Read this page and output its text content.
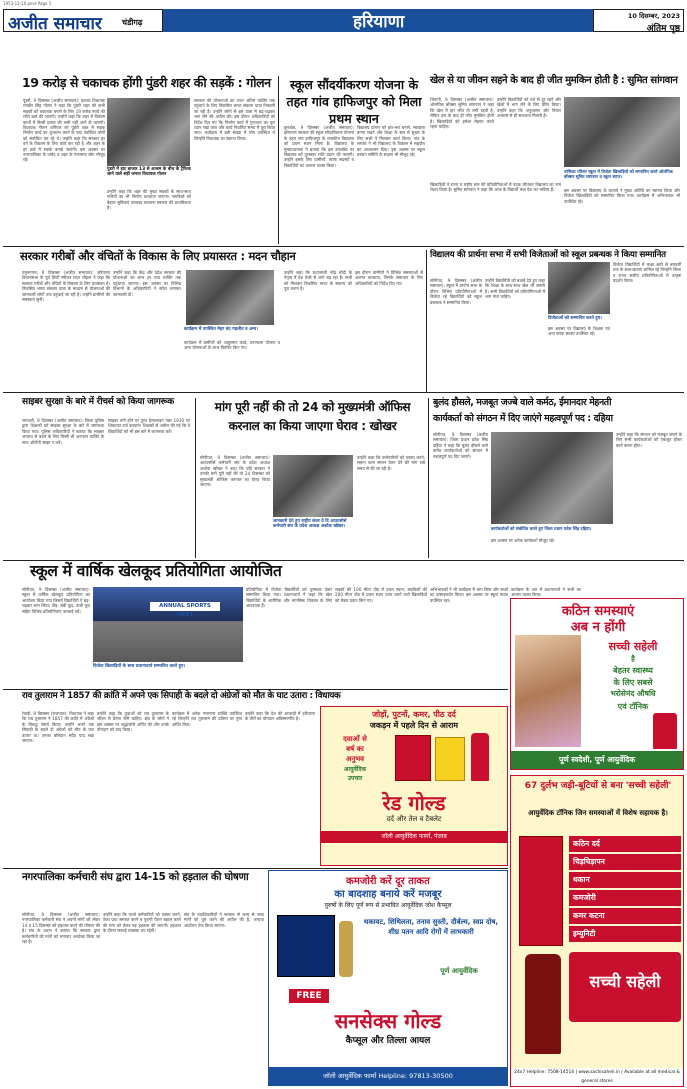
1953-12-10.pmd Page 1
अजीत समाचार	चंडीगढ़	हरियाणा	10 दिसम्बर, 2023
अंतिम पृष्ठ
19 करोड़ से चकाचक होंगी पुंडरी शहर की सड़कें : गोलन
पूंडरी, 9 दिसम्बर (अजीत समाचार): हलका विधायक रणधीर सिंह गोलन ने कहा कि पुंडरी शहर की सभी सड़कों को चकाचक बनाने के लिए 19 करोड़ रुपये की राशि खर्च की जाएगी। उन्होंने कहा कि शहर में विकास कार्यों में किसी प्रकार की कमी नहीं आने दी जाएगी। विधायक गोलन शनिवार को पुंडरी शहर में सड़क निर्माण कार्य का शुभारंभ करने के बाद उपस्थित लोगों को संबोधित कर रहे थे। उन्होंने कहा कि सरकार हर वर्ग के विकास के लिए कार्य कर रही है और शहर के हर वार्ड में सड़कें बनाई जाएंगी। इस अवसर पर नगरपालिका के पार्षद व शहर के गणमान्य लोग मौजूद रहे।
पुंडरी में हाट बाजार 13 से आश्रम के बीच के ट्रैफिक जाने वाले सड़ी जनता विधायक गोलन
उन्होंने कहा कि शहर की मुख्य सड़कों के साथ-साथ गलियों का भी निर्माण करवाया जाएगा। नागरिकों को बेहतर सुविधाएं उपलब्ध करवाना सरकार की प्राथमिकता है।
सरकार की योजनाओं का लाभ अंतिम व्यक्ति तक पहुंचाने के लिए विकसित भारत संकल्प यात्रा निकाली जा रही है। उन्होंने लोगों से इस यात्रा में बढ़-चढ़कर भाग लेने की अपील की। इस दौरान अधिकारियों को निर्देश दिए गए कि निर्माण कार्य में गुणवत्ता का पूरा ध्यान रखा जाए और कार्य निर्धारित समय में पूरा किया जाए। कार्यक्रम में बड़ी संख्या में लोग उपस्थित थे जिन्होंने विधायक का स्वागत किया।
स्कूल सौंदर्यीकरण योजना के तहत गांव हाफिजपुर को मिला प्रथम स्थान
कुरुक्षेत्र, 9 दिसम्बर (अजीत समाचार): हरियाणा सरकार की स्कूल सौंदर्यीकरण योजना के तहत गांव हाफिजपुर के राजकीय विद्यालय को प्रथम स्थान मिला है। विद्यालय के मुख्याध्यापक ने बताया कि इस उपलब्धि पर विद्यालय को पुरस्कार राशि प्रदान की जाएगी। उन्होंने इसके लिए ग्रामीणों, स्टाफ सदस्यों व विद्यार्थियों का आभार व्यक्त किया।
विद्यालय प्रांगण को हरा-भरा बनाने, स्वच्छता बनाए रखने और शिक्षा के स्तर में सुधार के लिए सभी ने मिलकर कार्य किया। गांव के सरपंच ने भी विद्यालय के विकास में सहयोग का आश्वासन दिया। इस अवसर पर स्कूल प्रबंधन समिति के सदस्य भी मौजूद रहे।
खेल से या जीवन सहने के बाद ही जीत मुमकिन होती है : सुमित सांगवान
भिवानी, 9 दिसम्बर (अजीत समाचार): ओलंपिक बॉक्सर सुमित सांगवान ने कहा कि खेल में हार जीत तो लगी रहती है, लेकिन हार के बाद ही जीत मुमकिन होती है। खिलाड़ियों को हमेशा मेहनत करते रहना चाहिए।
उन्होंने विद्यार्थियों को नशे से दूर रहने और खेलों में भाग लेने के लिए प्रेरित किया। उन्होंने कहा कि अनुशासन और निरंतर अभ्यास से ही सफलता मिलती है।
नासिका परिसर स्कूल में विजेता खिलाड़ियों को सम्मानित करते ओलंपिक बॉक्सर सुमित सांगवान व स्कूल स्टाफ।
इस अवसर पर विद्यालय के प्राचार्य ने मुख्य अतिथि का स्वागत किया और विजेता खिलाड़ियों को सम्मानित किया गया। कार्यक्रम में अभिभावक भी उपस्थित रहे।
खिलाड़ियों ने राज्य व राष्ट्रीय स्तर की प्रतियोगिताओं में पदक जीतकर विद्यालय का नाम रोशन किया है। सुमित सांगवान ने कहा कि आज के विद्यार्थी कल देश का भविष्य हैं।
सरकार गरीबों और वंचितों के विकास के लिए प्रयासरत : मदन चौहान
यमुनानगर, 9 दिसम्बर (अजीत समाचार): हरियाणा विधानसभा के पूर्व डिप्टी स्पीकर मदन चौहान ने कहा कि सरकार गरीबों और वंचितों के विकास के लिए प्रयासरत है। विकसित भारत संकल्प यात्रा के माध्यम से योजनाओं की जानकारी लोगों तक पहुंचाई जा रही है। उन्होंने ग्रामीणों की समस्याएं सुनीं।
कार्यक्रम में उपस्थित मेहर चंद गहलौत व अन्य।
उन्होंने कहा कि केंद्र और प्रदेश सरकार की योजनाओं का लाभ हर पात्र व्यक्ति तक पहुंचाया जाएगा। इस अवसर पर विभिन्न विभागों के अधिकारियों ने स्टॉल लगाकर जानकारी दी।
कार्यक्रम में ग्रामीणों को आयुष्मान कार्ड, उज्ज्वला योजना व अन्य योजनाओं के लाभ वितरित किए गए।
उन्होंने कहा कि प्रधानमंत्री नरेंद्र मोदी के नेतृत्व में देश तेजी से आगे बढ़ रहा है। सभी को मिलकर विकसित भारत के संकल्प को पूरा करना है।
इस दौरान ग्रामीणों ने विभिन्न समस्याओं से अवगत करवाया, जिनके समाधान के लिए अधिकारियों को निर्देश दिए गए।
विद्यालय की प्रार्थना सभा में सभी विजेताओं को स्कूल प्रबन्धक ने किया सम्मानित
सोनीपत, 9 दिसम्बर (अजीत समाचार): स्कूल में प्रार्थना सभा के दौरान विभिन्न प्रतियोगिताओं में विजेता रहे विद्यार्थियों को स्कूल प्रबन्धक ने सम्मानित किया।
उन्होंने विद्यार्थियों को बधाई देते हुए कहा कि शिक्षा के साथ-साथ खेल भी जरूरी है। सभी विद्यार्थियों को प्रतियोगिताओं में भाग लेना चाहिए।
विजेताओं को सम्मानित करते हुए।
इस अवसर पर विद्यालय के शिक्षक एवं अन्य स्टाफ सदस्य उपस्थित रहे।
विजेता विद्यार्थियों में कक्षा छठी से बारहवीं तक के छात्र-छात्राएं शामिल रहे जिन्होंने जिला व राज्य स्तरीय प्रतियोगिताओं में उत्कृष्ट प्रदर्शन किया।
साइबर सुरक्षा के बारे में रीचर्स को किया जागरूक
जगाधरी, 9 दिसम्बर (अजीत समाचार): जिला पुलिस द्वारा शिक्षकों को साइबर सुरक्षा के बारे में जागरूक किया गया। पुलिस अधिकारियों ने बताया कि साइबर अपराध से बचने के लिए किसी भी अनजान व्यक्ति के साथ ओटीपी साझा न करें।
साइबर ठगी होने पर तुरंत हेल्पलाइन नंबर 1930 पर शिकायत दर्ज करवाएं। शिक्षकों से अपील की गई कि वे विद्यार्थियों को भी इस बारे में जागरूक करें।
मांग पूरी नहीं की तो 24 को मुख्यमंत्री ऑफिस करनाल का किया जाएगा घेराव : खोखर
सोनीपत, 9 दिसम्बर (अजीत समाचार): आउटसोर्स कर्मचारी संघ के प्रदेश अध्यक्ष अशोक खोखर ने कहा कि यदि सरकार ने उनकी मांगें पूरी नहीं कीं तो 24 दिसम्बर को मुख्यमंत्री ऑफिस करनाल का घेराव किया जाएगा।
जानकारी देते हुए राष्ट्रीय कंवर वे दि आउटसोर्स कर्मचारी संघ के प्रदेश अध्यक्ष अशोक खोखर।
उन्होंने कहा कि कर्मचारियों को पक्का करने, समान काम समान वेतन देने की मांग लंबे समय से की जा रही है।
बुलंद हौसले, मजबूत जज्बे वाले कर्मठ, ईमानदार मेहनती
कार्यकर्ता को संगठन में दिए जाएंगे महत्वपूर्ण पद : दहिया
सोनीपत, 9 दिसम्बर (अजीत समाचार): जिला प्रधान प्रवेश सिंह दहिया ने कहा कि बुलंद हौसले वाले कर्मठ कार्यकर्ताओं को संगठन में महत्वपूर्ण पद दिए जाएंगे।
कार्यकर्ताओं को संबोधित करते हुए जिला प्रधान प्रवेश सिंह दहिया।
उन्होंने कहा कि संगठन को मजबूत बनाने के लिए सभी कार्यकर्ताओं को एकजुट होकर कार्य करना होगा।
इस अवसर पर अनेक कार्यकर्ता मौजूद रहे।
स्कूल में वार्षिक खेलकूद प्रतियोगिता आयोजित
सोनीपत, 9 दिसम्बर (अजीत समाचार): स्कूल में वार्षिक खेलकूद प्रतियोगिता का आयोजन किया गया जिसमें विद्यार्थियों ने बढ़-चढ़कर भाग लिया। दौड़, लंबी कूद, ऊंची कूद सहित विभिन्न प्रतियोगिताएं करवाई गईं।
ANNUAL SPORTS MEET
विजेता खिलाड़ियों के साथ प्रधानाचार्य सम्मानित करते हुए।
प्रतियोगिता में विजेता विद्यार्थियों को पुरस्कार देकर सम्मानित किया गया। प्रधानाचार्य ने कहा कि खेल विद्यार्थियों के शारीरिक और मानसिक विकास के लिए आवश्यक हैं।
लड़कों की 100 मीटर दौड़ में प्रथम स्थान, लड़कियों की 200 मीटर दौड़ में प्रथम स्थान प्राप्त करने वाले खिलाड़ियों को मेडल प्रदान किए गए।
अभिभावकों ने भी कार्यक्रम में भाग लिया और बच्चों का उत्साहवर्धन किया। इस अवसर पर स्कूल स्टाफ उपस्थित रहा।
कार्यक्रम के अंत में प्रधानाचार्य ने सभी का आभार व्यक्त किया।
कठिन समस्याएं
अब न होंगी
सच्ची सहेली
है
बेहतर स्वास्थ्य
के लिए सबसे
भरोसेमंद औषधि
एवं टॉनिक
पूर्ण स्वदेशी, पूर्ण आयुर्वेदिक
राव तुलाराम ने 1857 की क्रांति में अपने एक सिपाही के बदले दो अंग्रेजों को मौत के घाट उतारा : विधायक
रेवाड़ी, 9 दिसम्बर (राजपाल): विधायक ने कहा कि राव तुलाराम ने 1857 की क्रांति में अंग्रेजों के विरुद्ध संघर्ष किया। उन्होंने अपने एक सिपाही के बदले दो अंग्रेजों को मौत के घाट उतारा था। उनका बलिदान सदैव याद रखा जाएगा।
उन्होंने कहा कि युवाओं को राव तुलाराम के जीवन से प्रेरणा लेनी चाहिए। क्षेत्र के लोगों ने इस अवसर पर श्रद्धांजलि अर्पित की और उनके योगदान को याद किया।
कार्यक्रम में अनेक गणमान्य व्यक्ति उपस्थित रहे जिन्होंने राव तुलाराम की प्रतिमा पर पुष्प अर्पित किए।
उन्होंने कहा कि देश की आजादी में हरियाणा के वीरों का योगदान अविस्मरणीय है।	जोड़ों, पुटनों, कमर, पीठ दर्द
जकड़न में पहले दिन से आराम
दवाओं से
बर्ष का
अनुभव
आयुर्वेदिक
उपचार
रेड गोल्ड
दर्द और तेल व टैबलेट
जॉली आयुर्वेदिक फार्मा, पंजाब
नगरपालिका कर्मचारी संघ द्वारा 14-15 को हड़ताल की घोषणा
सोनीपत, 9 दिसम्बर (अजीत समाचार): नगरपालिका कर्मचारी संघ ने अपनी मांगों को लेकर 14 व 15 दिसम्बर को हड़ताल करने की घोषणा की है। संघ के प्रधान ने बताया कि सरकार द्वारा कर्मचारियों की मांगों को लगातार अनदेखा किया जा रहा है।
उन्होंने कहा कि कच्चे कर्मचारियों को पक्का करने, ठेका प्रथा समाप्त करने व पुरानी पेंशन बहाल करने की मांग को लेकर यह हड़ताल की जाएगी। हड़ताल के दौरान सफाई व्यवस्था ठप रहेगी।
संघ के पदाधिकारियों ने सरकार से जल्द से जल्द मांगों को पूरा करने की अपील की है, अन्यथा आंदोलन तेज किया जाएगा।
कमजोरी करें दूर ताकत
का बादशाह बनाये करें मजबूर
पुरुषों के लिए पूर्ण रूप से प्रभावित आयुर्वेदिक जोश कैप्सूल
थकावट, शिथिलता, तनाव सुस्ती, दौर्बल्य, स्वप्न दोष, शीघ्र पतन आदि रोगों में लाभकारी
पूर्ण आयुर्वेदिक
FREE
सनसेक्स गोल्ड
कैप्सूल और तिल्ला आयल
जॉली आयुर्वेदिक फार्मा Helpline: 97813-30500
67 दुर्लभ जड़ी-बूटियों से बना 'सच्ची सहेली'
आयुर्वेदिक टॉनिक जिन समस्याओं में विशेष सहायक है।
कठिन दर्द
चिड़चिड़ापन
थकान
कमजोरी
कमर कटना
इम्युनिटी
सच्ची सहेली
24x7 Helpline: 7508-14514 | www.sachisaheli.in | Available at all medical & general stores
